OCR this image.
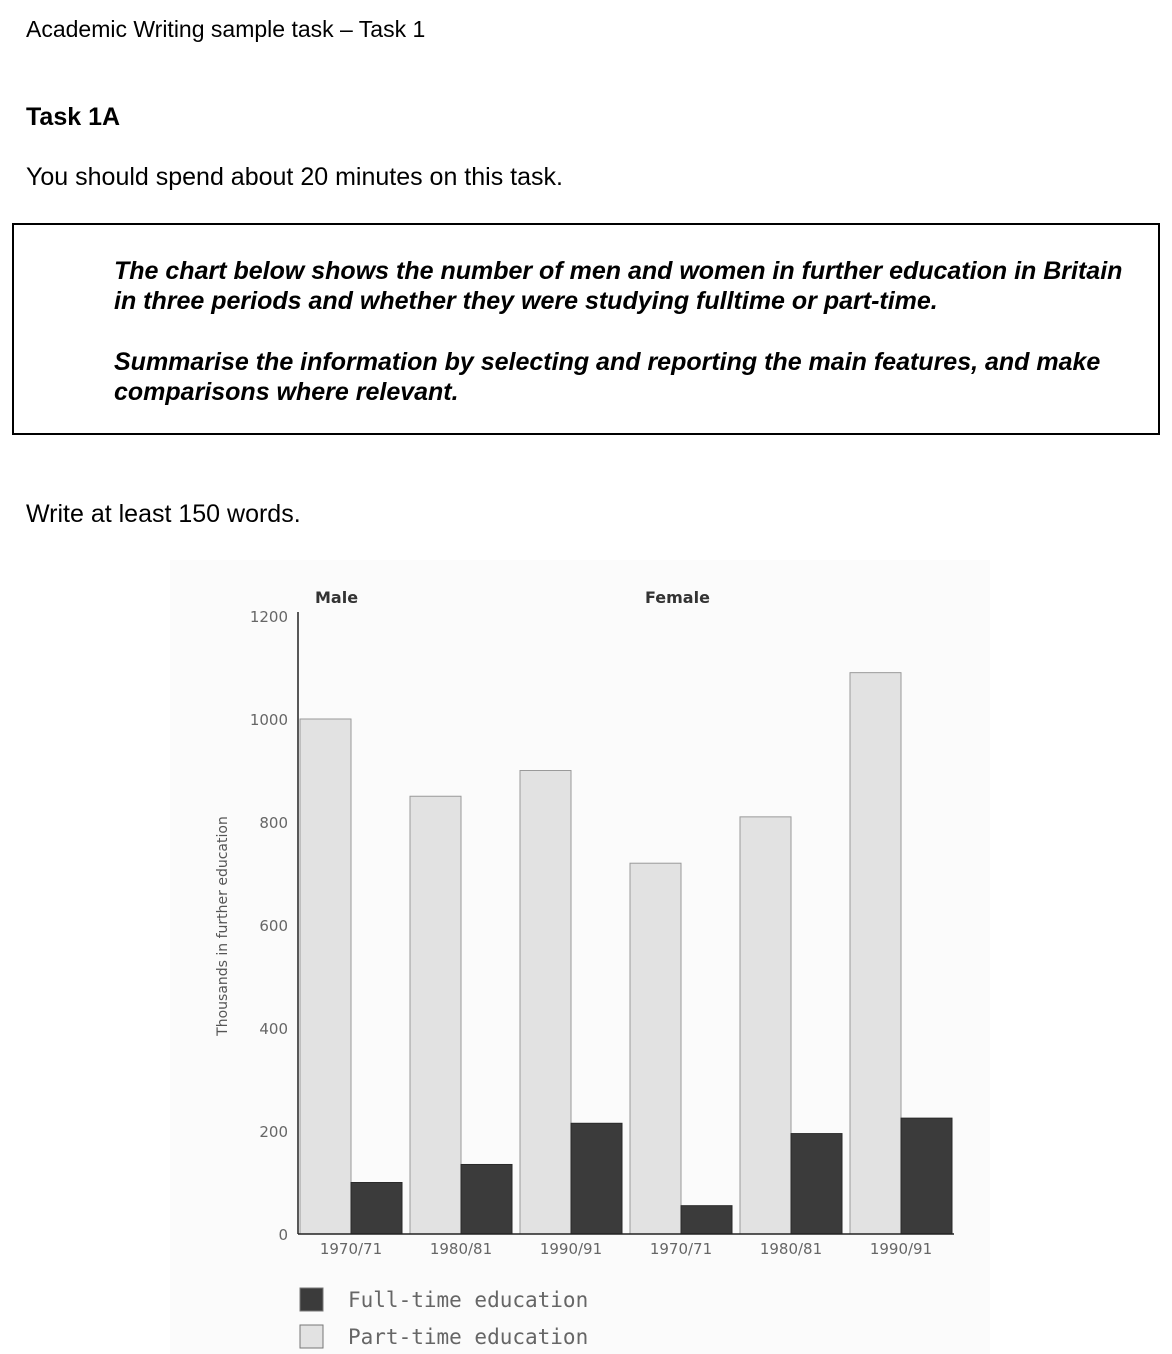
Academic Writing sample task – Task 1
Task 1A
You should spend about 20 minutes on this task.

The chart below shows the number of men and women in further education in Britain in three periods and whether they were studying fulltime or part-time.

Summarise the information by selecting and reporting the main features, and make comparisons where relevant.

Write at least 150 words.
0
200
400
600
800
1000
1200
Thousands in further education
Male
1970/71	1980/81	1990/91
Female
1970/71	1980/81	1990/91
Full-time education
Part-time education
